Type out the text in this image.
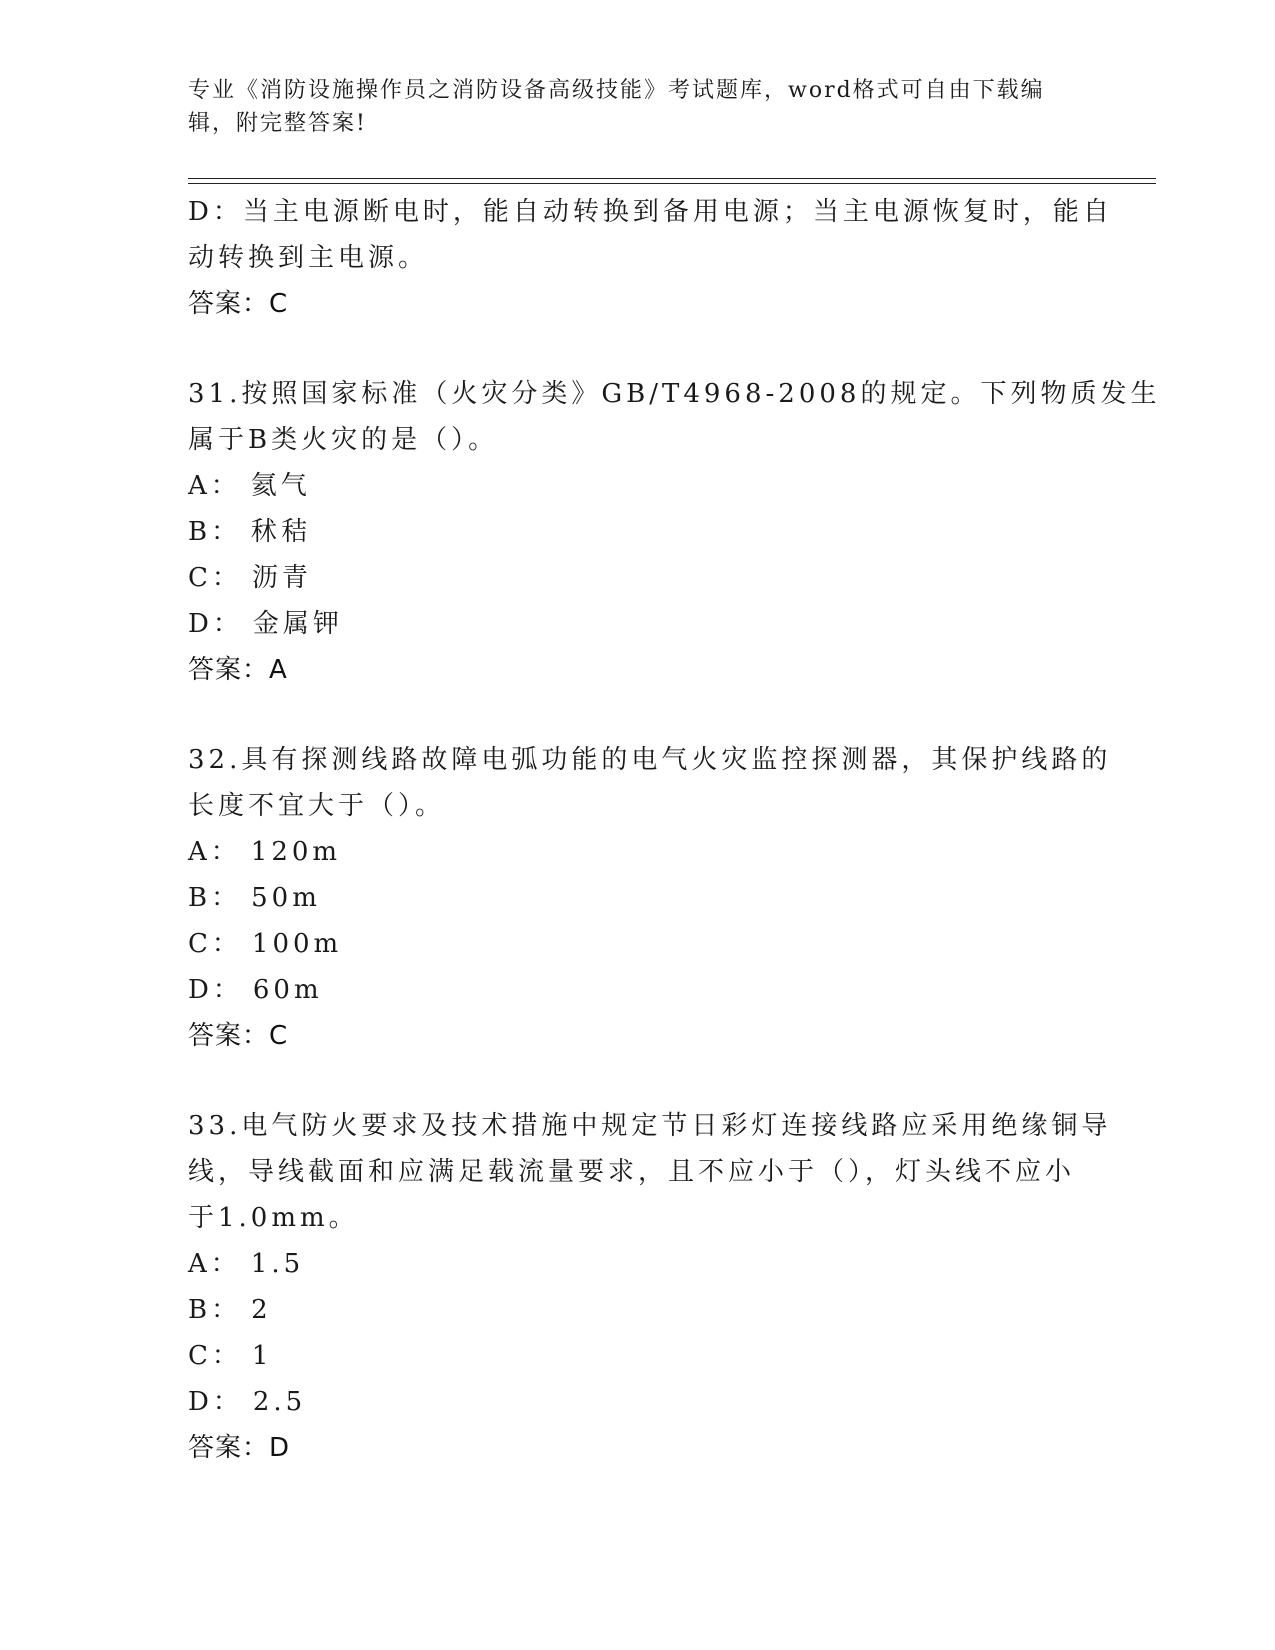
专业《消防设施操作员之消防设备高级技能》考试题库，word格式可自由下载编辑，附完整答案!
D：当主电源断电时，能自动转换到备用电源；当主电源恢复时，能自
动转换到主电源。
答案：C
31.按照国家标准（火灾分类》GB/T4968-2008的规定。下列物质发生
属于B类火灾的是（）。
A： 氦气
B： 秫秸
C： 沥青
D： 金属钾
答案：A
32.具有探测线路故障电弧功能的电气火灾监控探测器，其保护线路的
长度不宜大于（）。
A： 120m
B： 50m
C： 100m
D： 60m
答案：C
33.电气防火要求及技术措施中规定节日彩灯连接线路应采用绝缘铜导
线，导线截面和应满足载流量要求，且不应小于（），灯头线不应小
于1.0mm。
A： 1.5
B： 2
C： 1
D： 2.5
答案：D
